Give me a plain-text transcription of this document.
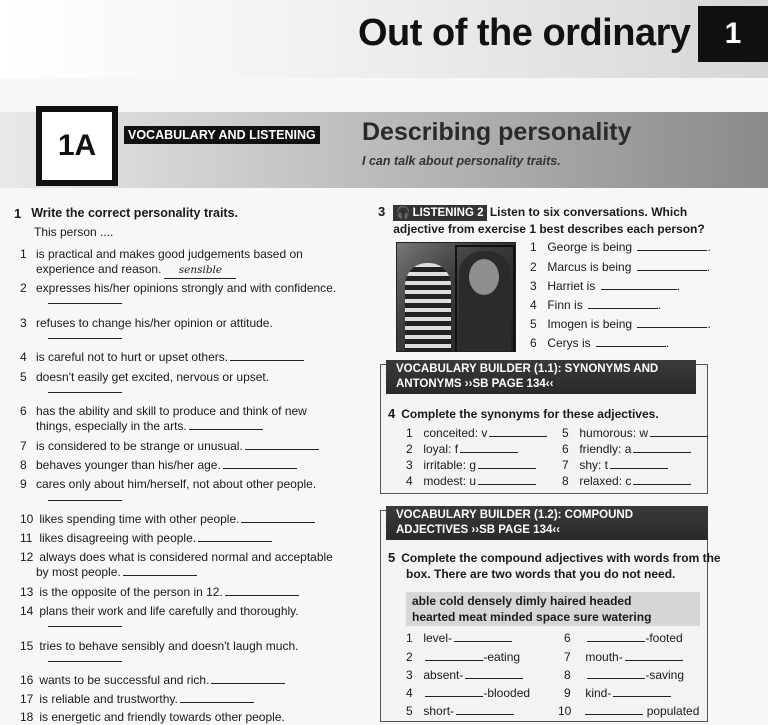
Out of the ordinary	1
1A	VOCABULARY AND LISTENING Describing personality
I can talk about personality traits.
1 Write the correct personality traits.
This person ....
1 is practical and makes good judgements based on
experience and reason. sensible
2 expresses his/her opinions strongly and with confidence.
3 refuses to change his/her opinion or attitude.
4 is careful not to hurt or upset others.
5 doesn't easily get excited, nervous or upset.
6 has the ability and skill to produce and think of new
things, especially in the arts.
7 is considered to be strange or unusual.
8 behaves younger than his/her age.
9 cares only about him/herself, not about other people.
10 likes spending time with other people.
11 likes disagreeing with people.
12 always does what is considered normal and acceptable
by most people.
13 is the opposite of the person in 12.
14 plans their work and life carefully and thoroughly.
15 tries to behave sensibly and doesn't laugh much.
16 wants to be successful and rich.
17 is reliable and trustworthy.
18 is energetic and friendly towards other people.
3 🎧 LISTENING 2 Listen to six conversations. Which
adjective from exercise 1 best describes each person?
1 George is being	.
2 Marcus is being	.
3 Harriet is	.
4 Finn is	.
5 Imogen is being	.
6 Cerys is	.
VOCABULARY BUILDER (1.1): SYNONYMS AND
ANTONYMS ››SB PAGE 134‹‹
4 Complete the synonyms for these adjectives.
1 conceited: v
2 loyal: f
3 irritable: g
4 modest: u
5 humorous: w
6 friendly: a
7 shy: t
8 relaxed: c
VOCABULARY BUILDER (1.2): COMPOUND
ADJECTIVES ››SB PAGE 134‹‹
5 Complete the compound adjectives with words from the
box. There are two words that you do not need.
able cold densely dimly haired headed
hearted meat minded space sure watering
1 level-
2	-eating
3 absent-
4	-blooded
5 short-
6	-footed
7 mouth-
8	-saving
9 kind-
10	populated
